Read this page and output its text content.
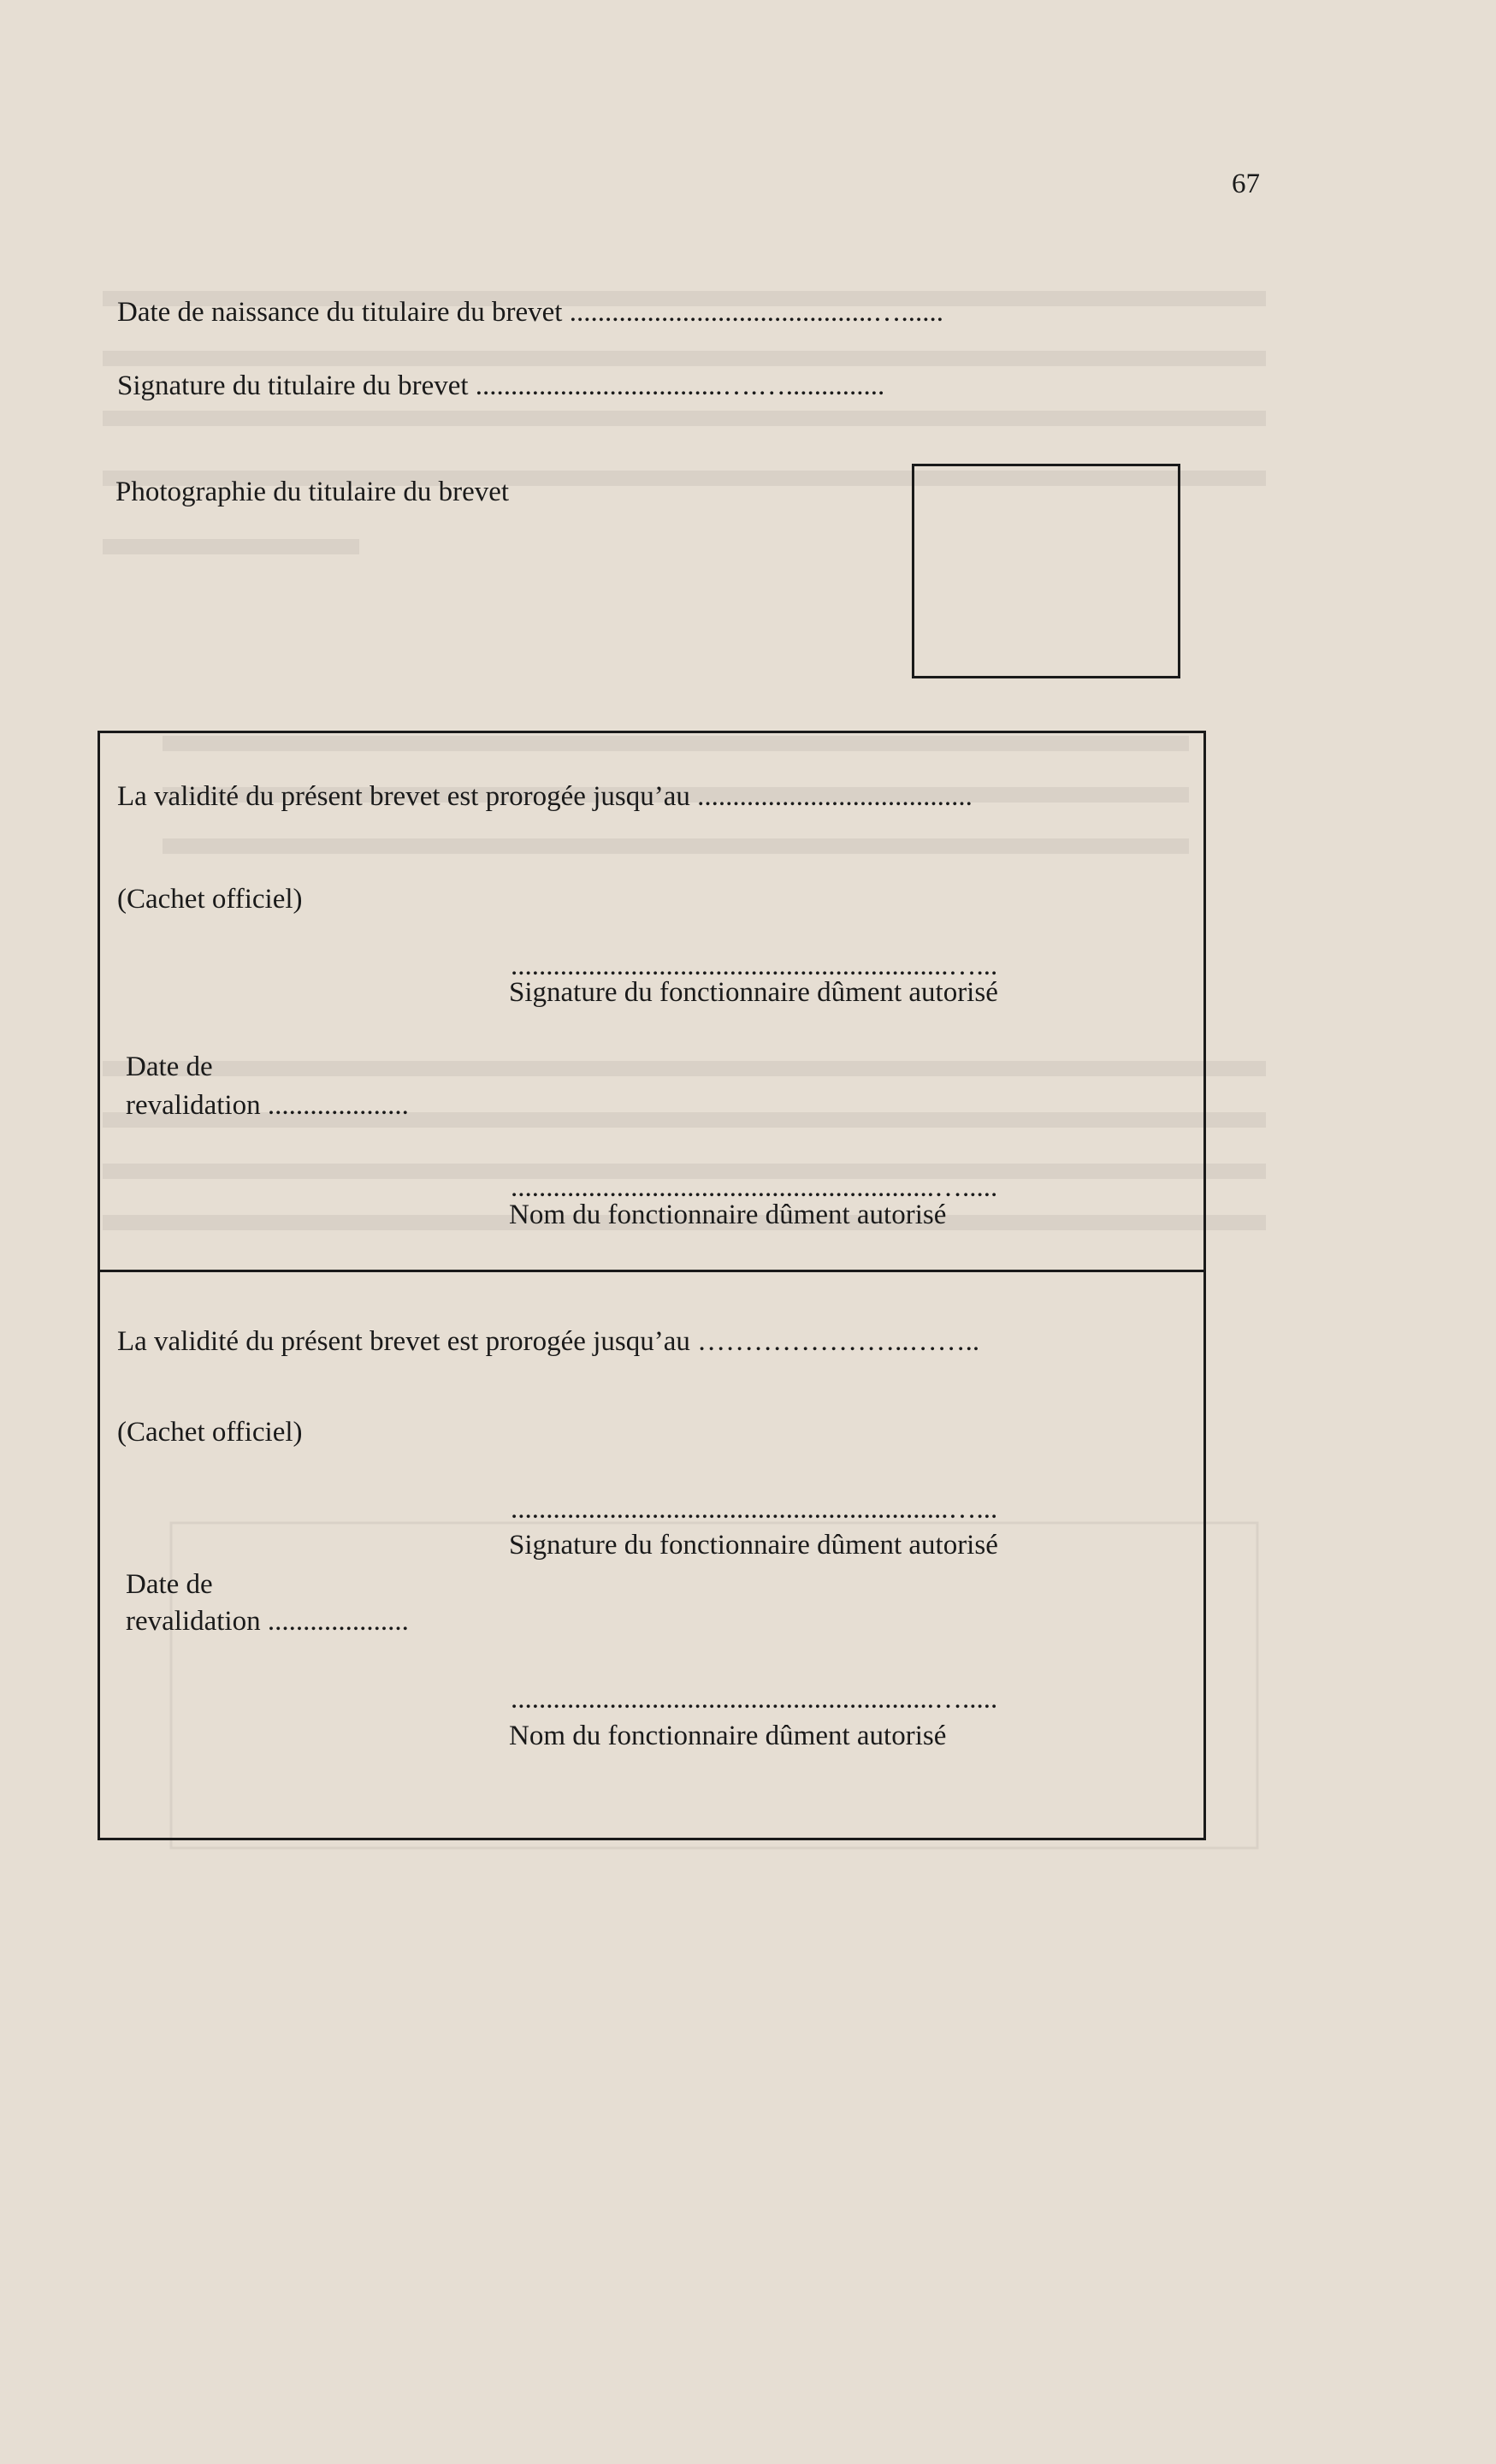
67
Date de naissance du titulaire du brevet ...........................................…......
Signature du titulaire du brevet ...................................….…..............
Photographie du titulaire du brevet
La validité du présent brevet est prorogée jusqu’au .......................................
(Cachet officiel)
..............................................................…...
Signature du fonctionnaire dûment autorisé
Date de
revalidation ....................
............................................................….....
Nom du fonctionnaire dûment autorisé
La validité du présent brevet est prorogée jusqu’au …………………..……..
(Cachet officiel)
..............................................................…...
Signature du fonctionnaire dûment autorisé
Date de
revalidation ....................
............................................................….....
Nom du fonctionnaire dûment autorisé
